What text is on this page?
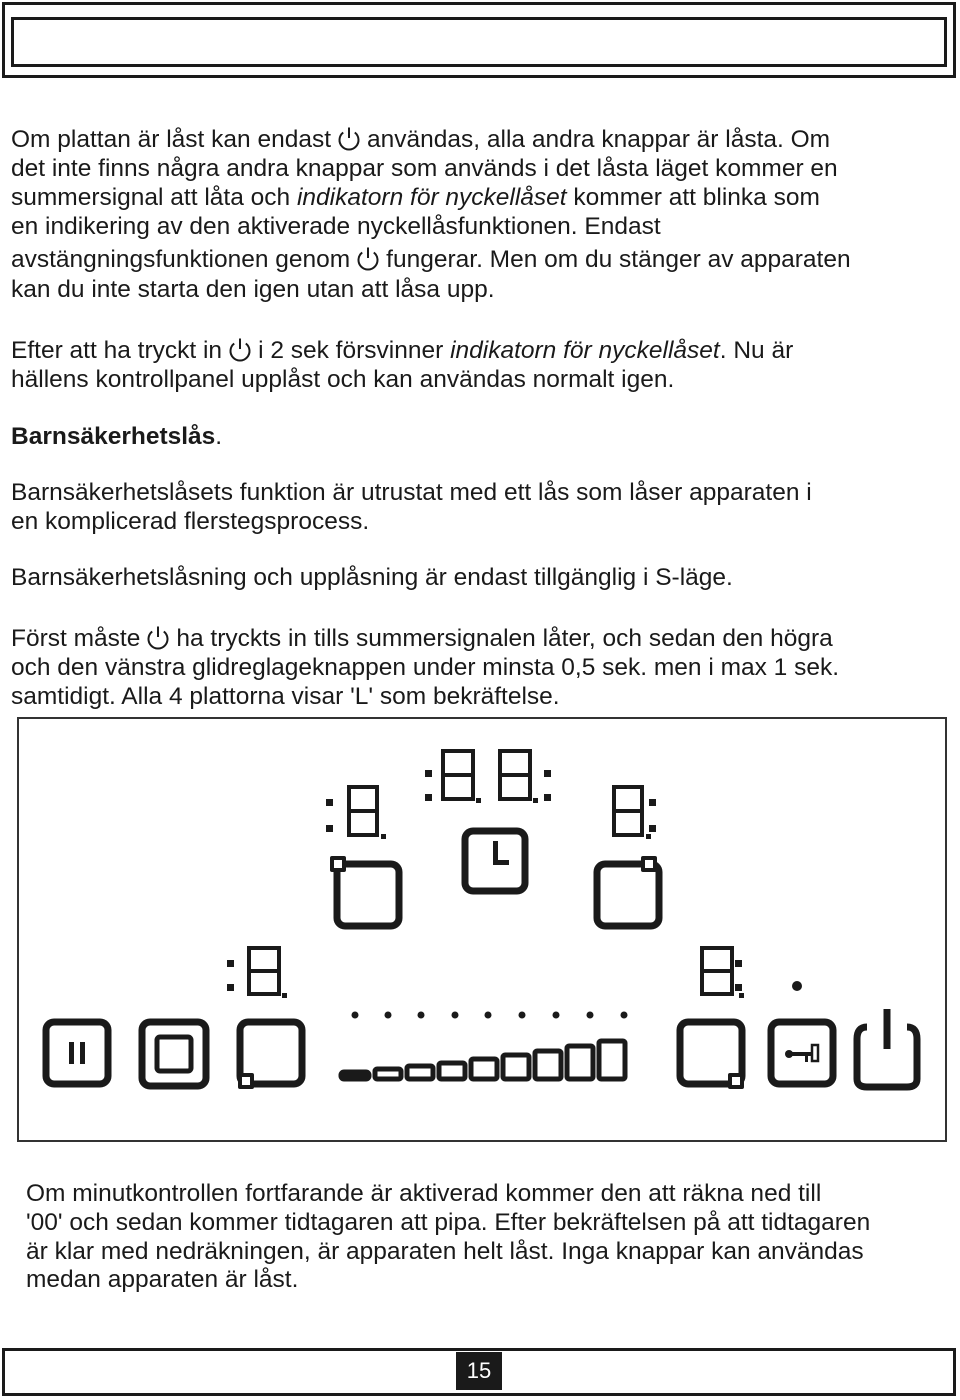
Om plattan är låst kan endast användas, alla andra knappar är låsta. Om
det inte finns några andra knappar som används i det låsta läget kommer en
summersignal att låta och indikatorn för nyckellåset kommer att blinka som
en indikering av den aktiverade nyckellåsfunktionen. Endast
avstängningsfunktionen genom fungerar. Men om du stänger av apparaten
kan du inte starta den igen utan att låsa upp.
Efter att ha tryckt in i 2 sek försvinner indikatorn för nyckellåset. Nu är
hällens kontrollpanel upplåst och kan användas normalt igen.
Barnsäkerhetslås.
Barnsäkerhetslåsets funktion är utrustat med ett lås som låser apparaten i
en komplicerad flerstegsprocess.
Barnsäkerhetslåsning och upplåsning är endast tillgänglig i S-läge.
Först måste ha tryckts in tills summersignalen låter, och sedan den högra
och den vänstra glidreglageknappen under minsta 0,5 sek. men i max 1 sek.
samtidigt. Alla 4 plattorna visar 'L' som bekräftelse.
Om minutkontrollen fortfarande är aktiverad kommer den att räkna ned till
'00' och sedan kommer tidtagaren att pipa. Efter bekräftelsen på att tidtagaren
är klar med nedräkningen, är apparaten helt låst. Inga knappar kan användas
medan apparaten är låst.
15
